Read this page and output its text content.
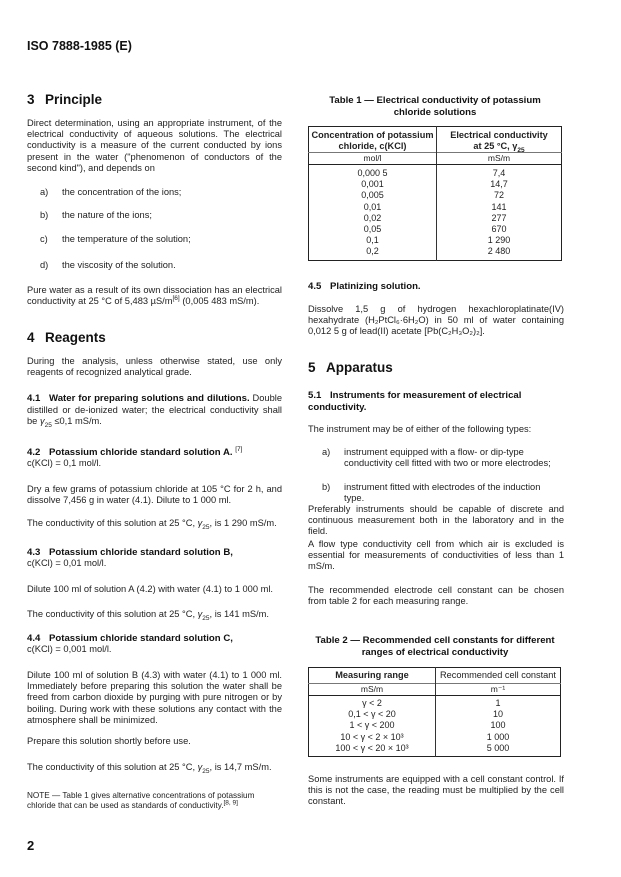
ISO 7888-1985 (E)
3 Principle
Direct determination, using an appropriate instrument, of the electrical conductivity of aqueous solutions. The electrical conductivity is a measure of the current conducted by ions present in the water ("phenomenon of conductors of the second kind"), and depends on
a) the concentration of the ions;
b) the nature of the ions;
c) the temperature of the solution;
d) the viscosity of the solution.
Pure water as a result of its own dissociation has an electrical conductivity at 25 °C of 5,483 µS/m[6] (0,005 483 mS/m).
4 Reagents
During the analysis, unless otherwise stated, use only reagents of recognized analytical grade.
4.1 Water for preparing solutions and dilutions. Double distilled or de-ionized water; the electrical conductivity shall be $\gamma_{25} \le 0,1$ mS/m.
4.2 Potassium chloride standard solution A. [7]
c(KCl) = 0,1 mol/l.
Dry a few grams of potassium chloride at 105 °C for 2 h, and dissolve 7,456 g in water (4.1). Dilute to 1 000 ml.
The conductivity of this solution at 25 °C, $\gamma_{25}$, is 1 290 mS/m.
4.3 Potassium chloride standard solution B,
c(KCl) = 0,01 mol/l.
Dilute 100 ml of solution A (4.2) with water (4.1) to 1 000 ml.
The conductivity of this solution at 25 °C, $\gamma_{25}$, is 141 mS/m.
4.4 Potassium chloride standard solution C,
c(KCl) = 0,001 mol/l.
Dilute 100 ml of solution B (4.3) with water (4.1) to 1 000 ml. Immediately before preparing this solution the water shall be freed from carbon dioxide by purging with pure nitrogen or by boiling. During work with these solutions any contact with the atmosphere shall be minimized.
Prepare this solution shortly before use.
The conductivity of this solution at 25 °C, $\gamma_{25}$, is 14,7 mS/m.
NOTE — Table 1 gives alternative concentrations of potassium chloride that can be used as standards of conductivity.[8, 9]
2
Table 1 — Electrical conductivity of potassium
chloride solutions
Concentration of potassium
chloride, c(KCl)

Electrical conductivity
at 25 °C, $\gamma_{25}$

mol/l	mS/m
0,000 5	7,4
0,001	14,7
0,005	72
0,01	141
0,02	277
0,05	670
0,1	1 290
0,2	2 480
4.5 Platinizing solution.
Dissolve 1,5 g of hydrogen hexachloroplatinate(IV) hexahydrate (H₂PtCl₆·6H₂O) in 50 ml of water containing 0,012 5 g of lead(II) acetate [Pb(C₂H₃O₂)₂].
5 Apparatus
5.1 Instruments for measurement of electrical
conductivity.
The instrument may be of either of the following types:
a)	instrument equipped with a flow- or dip-type conductivity cell fitted with two or more electrodes;
b)	instrument fitted with electrodes of the induction type.
Preferably instruments should be capable of discrete and continuous measurement both in the laboratory and in the field.
A flow type conductivity cell from which air is excluded is essential for measurements of conductivities of less than 1 mS/m.
The recommended electrode cell constant can be chosen from table 2 for each measuring range.
Table 2 — Recommended cell constants for different
ranges of electrical conductivity
Measuring range	Recommended cell constant
mS/m	m⁻¹
γ < 2	1
0,1 < γ < 20	10
1 < γ < 200	100
10 < γ < 2 × 10³	1 000
100 < γ < 20 × 10³	5 000
Some instruments are equipped with a cell constant control. If this is not the case, the reading must be multiplied by the cell constant.
